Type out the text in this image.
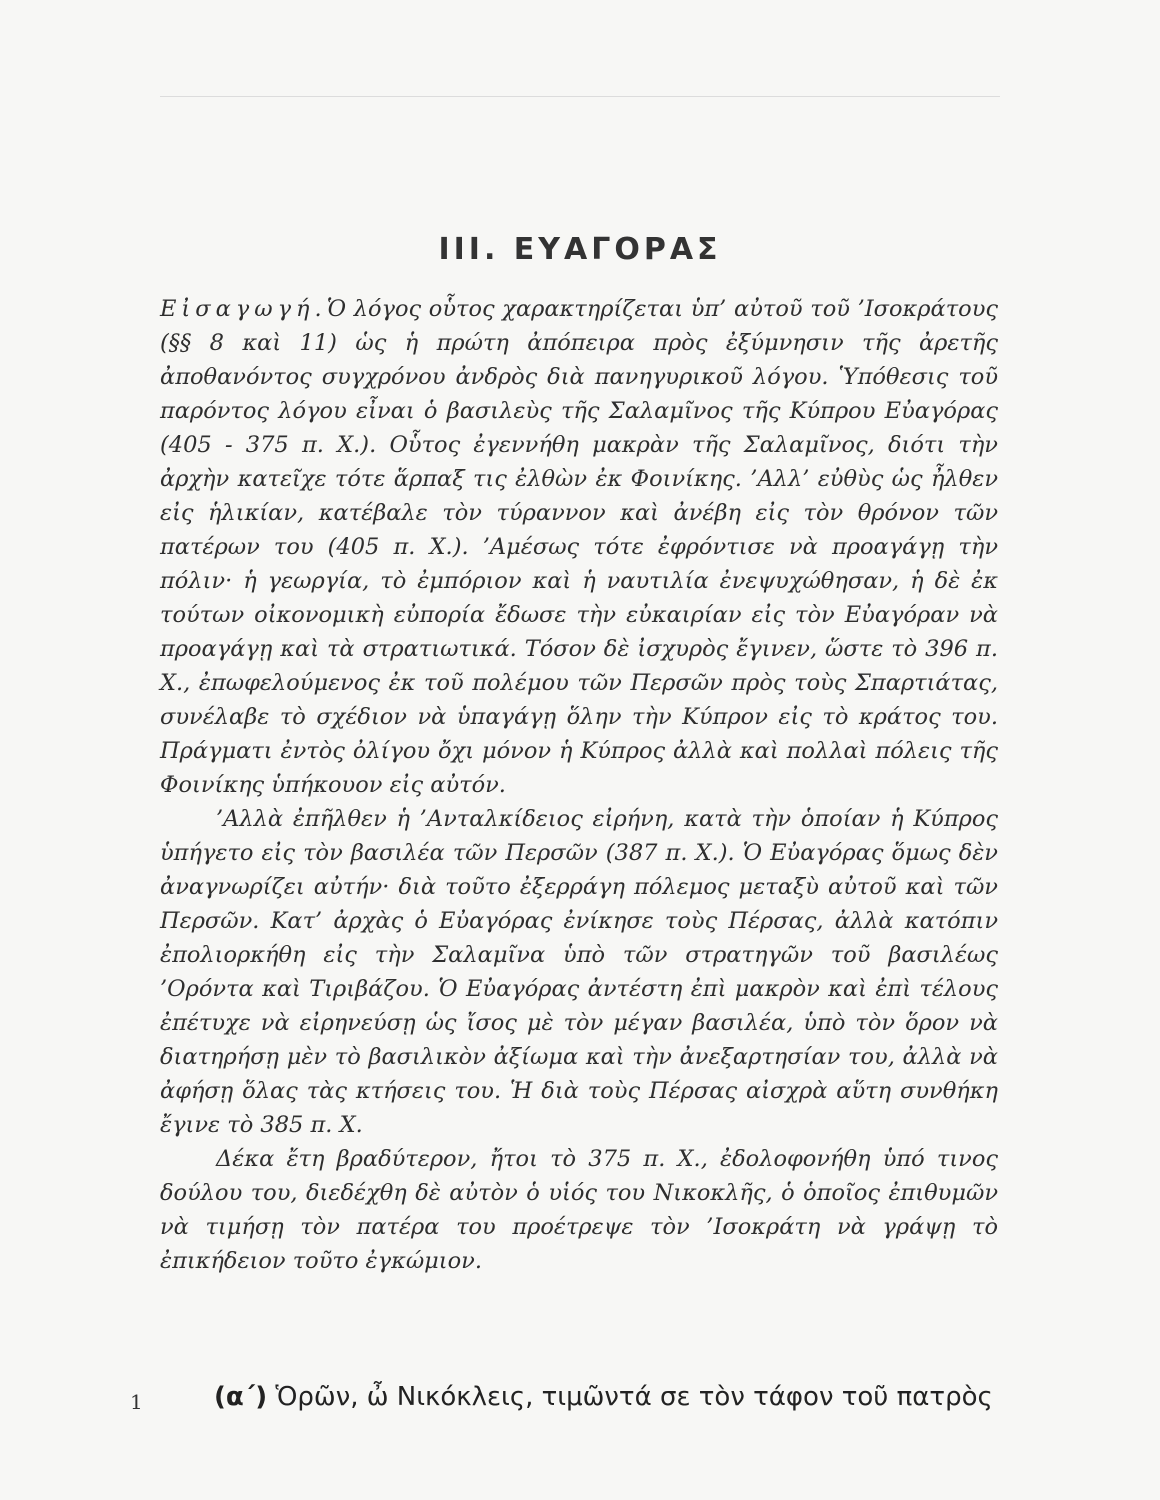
III. ΕΥΑΓΟΡΑΣ

Εἰσαγωγή.Ὁ λόγος οὗτος χαρακτηρίζεται ὑπ’ αὐτοῦ τοῦ ’Ισοκράτους (§§ 8 καὶ 11) ὡς ἡ πρώτη ἀπόπειρα πρὸς ἐξύμνησιν τῆς ἀρετῆς ἀποθανόντος συγχρόνου ἀνδρὸς διὰ πανηγυρικοῦ λόγου. Ὑπόθεσις τοῦ παρόντος λόγου εἶναι ὁ βασιλεὺς τῆς Σαλαμῖνος τῆς Κύπρου Εὐαγόρας (405 - 375 π. Χ.). Οὗτος ἐγεννήθη μακρὰν τῆς Σαλαμῖνος, διότι τὴν ἀρχὴν κατεῖχε τότε ἅρπαξ τις ἐλθὼν ἐκ Φοινίκης. ’Αλλ’ εὐθὺς ὡς ἦλθεν εἰς ἡλικίαν, κατέβαλε τὸν τύραννον καὶ ἀνέβη εἰς τὸν θρόνον τῶν πατέρων του (405 π. Χ.). ’Αμέσως τότε ἐφρόντισε νὰ προαγάγῃ τὴν πόλιν· ἡ γεωργία, τὸ ἐμπόριον καὶ ἡ ναυτιλία ἐνεψυχώθησαν, ἡ δὲ ἐκ τούτων οἰκονομικὴ εὐπορία ἔδωσε τὴν εὐκαιρίαν εἰς τὸν Εὐαγόραν νὰ προαγάγῃ καὶ τὰ στρατιωτικά. Τόσον δὲ ἰσχυρὸς ἔγινεν, ὥστε τὸ 396 π. Χ., ἐπωφελούμενος ἐκ τοῦ πολέμου τῶν Περσῶν πρὸς τοὺς Σπαρτιάτας, συνέλαβε τὸ σχέδιον νὰ ὑπαγάγῃ ὅλην τὴν Κύπρον εἰς τὸ κράτος του. Πράγματι ἐντὸς ὀλίγου ὄχι μόνον ἡ Κύπρος ἀλλὰ καὶ πολλαὶ πόλεις τῆς Φοινίκης ὑπήκουον εἰς αὐτόν.

’Αλλὰ ἐπῆλθεν ἡ ’Ανταλκίδειος εἰρήνη, κατὰ τὴν ὁποίαν ἡ Κύπρος ὑπήγετο εἰς τὸν βασιλέα τῶν Περσῶν (387 π. Χ.). Ὁ Εὐαγόρας ὅμως δὲν ἀναγνωρίζει αὐτήν· διὰ τοῦτο ἐξερράγη πόλεμος μεταξὺ αὐτοῦ καὶ τῶν Περσῶν. Κατ’ ἀρχὰς ὁ Εὐαγόρας ἐνίκησε τοὺς Πέρσας, ἀλλὰ κατόπιν ἐπολιορκήθη εἰς τὴν Σαλαμῖνα ὑπὸ τῶν στρατηγῶν τοῦ βασιλέως ’Ορόντα καὶ Τιριβάζου. Ὁ Εὐαγόρας ἀντέστη ἐπὶ μακρὸν καὶ ἐπὶ τέλους ἐπέτυχε νὰ εἰρηνεύσῃ ὡς ἴσος μὲ τὸν μέγαν βασιλέα, ὑπὸ τὸν ὅρον νὰ διατηρήσῃ μὲν τὸ βασιλικὸν ἀξίωμα καὶ τὴν ἀνεξαρτησίαν του, ἀλλὰ νὰ ἀφήσῃ ὅλας τὰς κτήσεις του. Ἡ διὰ τοὺς Πέρσας αἰσχρὰ αὕτη συνθήκη ἔγινε τὸ 385 π. Χ.

Δέκα ἔτη βραδύτερον, ἤτοι τὸ 375 π. Χ., ἐδολοφονήθη ὑπό τινος δούλου του, διεδέχθη δὲ αὐτὸν ὁ υἱός του Νικοκλῆς, ὁ ὁποῖος ἐπιθυμῶν νὰ τιμήσῃ τὸν πατέρα του προέτρεψε τὸν ’Ισοκράτη νὰ γράψῃ τὸ ἐπικήδειον τοῦτο ἐγκώμιον.

1	(α΄) Ὁρῶν, ὦ Νικόκλεις, τιμῶντά σε τὸν τάφον τοῦ πατρὸς
